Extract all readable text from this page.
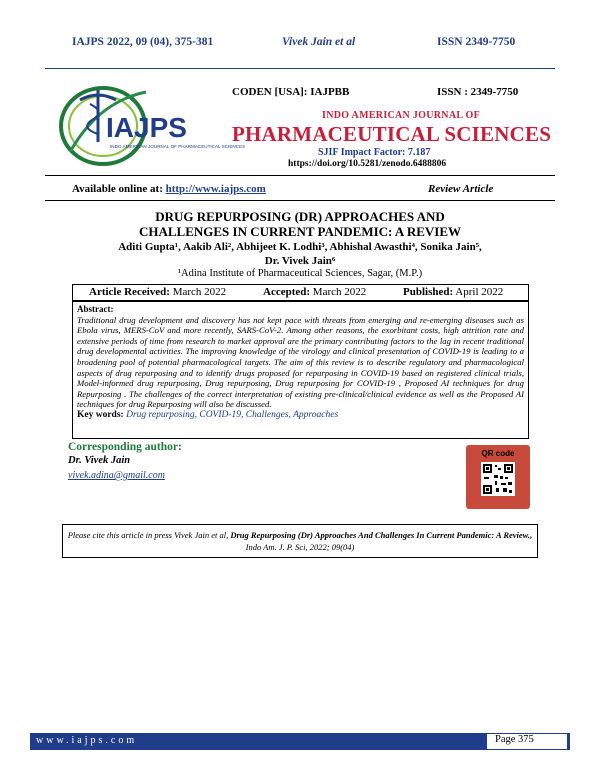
IAJPS 2022, 09 (04), 375-381	Vivek Jain et al	ISSN 2349-7750
IAJPS
INDO AMERICAN JOURNAL OF PHARMACEUTICAL SCIENCES
CODEN [USA]: IAJPBB	ISSN : 2349-7750
INDO AMERICAN JOURNAL OF
PHARMACEUTICAL SCIENCES
SJIF Impact Factor: 7.187
https://doi.org/10.5281/zenodo.6488806
Available online at: http://www.iajps.com	Review Article
DRUG REPURPOSING (DR) APPROACHES AND
CHALLENGES IN CURRENT PANDEMIC: A REVIEW
Aditi Gupta¹, Aakib Ali², Abhijeet K. Lodhi³, Abhishal Awasthi⁴, Sonika Jain⁵,
Dr. Vivek Jain⁶
¹Adina Institute of Pharmaceutical Sciences, Sagar, (M.P.)
Article Received: March 2022	Accepted: March 2022	Published: April 2022
Abstract:
Traditional drug development and discovery has not kept pace with threats from emerging and re-emerging diseases such as Ebola virus, MERS-CoV and more recently, SARS-CoV-2. Among other reasons, the exorbitant costs, high attrition rate and extensive periods of time from research to market approval are the primary contributing factors to the lag in recent traditional drug developmental activities. The improving knowledge of the virology and clinical presentation of COVID-19 is leading to a broadening pool of potential pharmacological targets. The aim of this review is to describe regulatory and pharmacological aspects of drug repurposing and to identify drugs proposed for repurposing in COVID-19 based on registered clinical trials, Model-informed drug repurposing, Drug repurposing, Drug repurposing for COVID-19 , Proposed AI techniques for drug Repurposing . The challenges of the correct interpretation of existing pre-clinical/clinical evidence as well as the Proposed AI techniques for drug Repurposing will also be discussed.
Key words: Drug repurposing, COVID-19, Challenges, Approaches
Corresponding author:
Dr. Vivek Jain
vivek.adina@gmail.com
QR code
Please cite this article in press Vivek Jain et al, Drug Repurposing (Dr) Approaches And Challenges In Current Pandemic: A Review., Indo Am. J. P. Sci, 2022; 09(04)
www.iajps.com	Page 375
